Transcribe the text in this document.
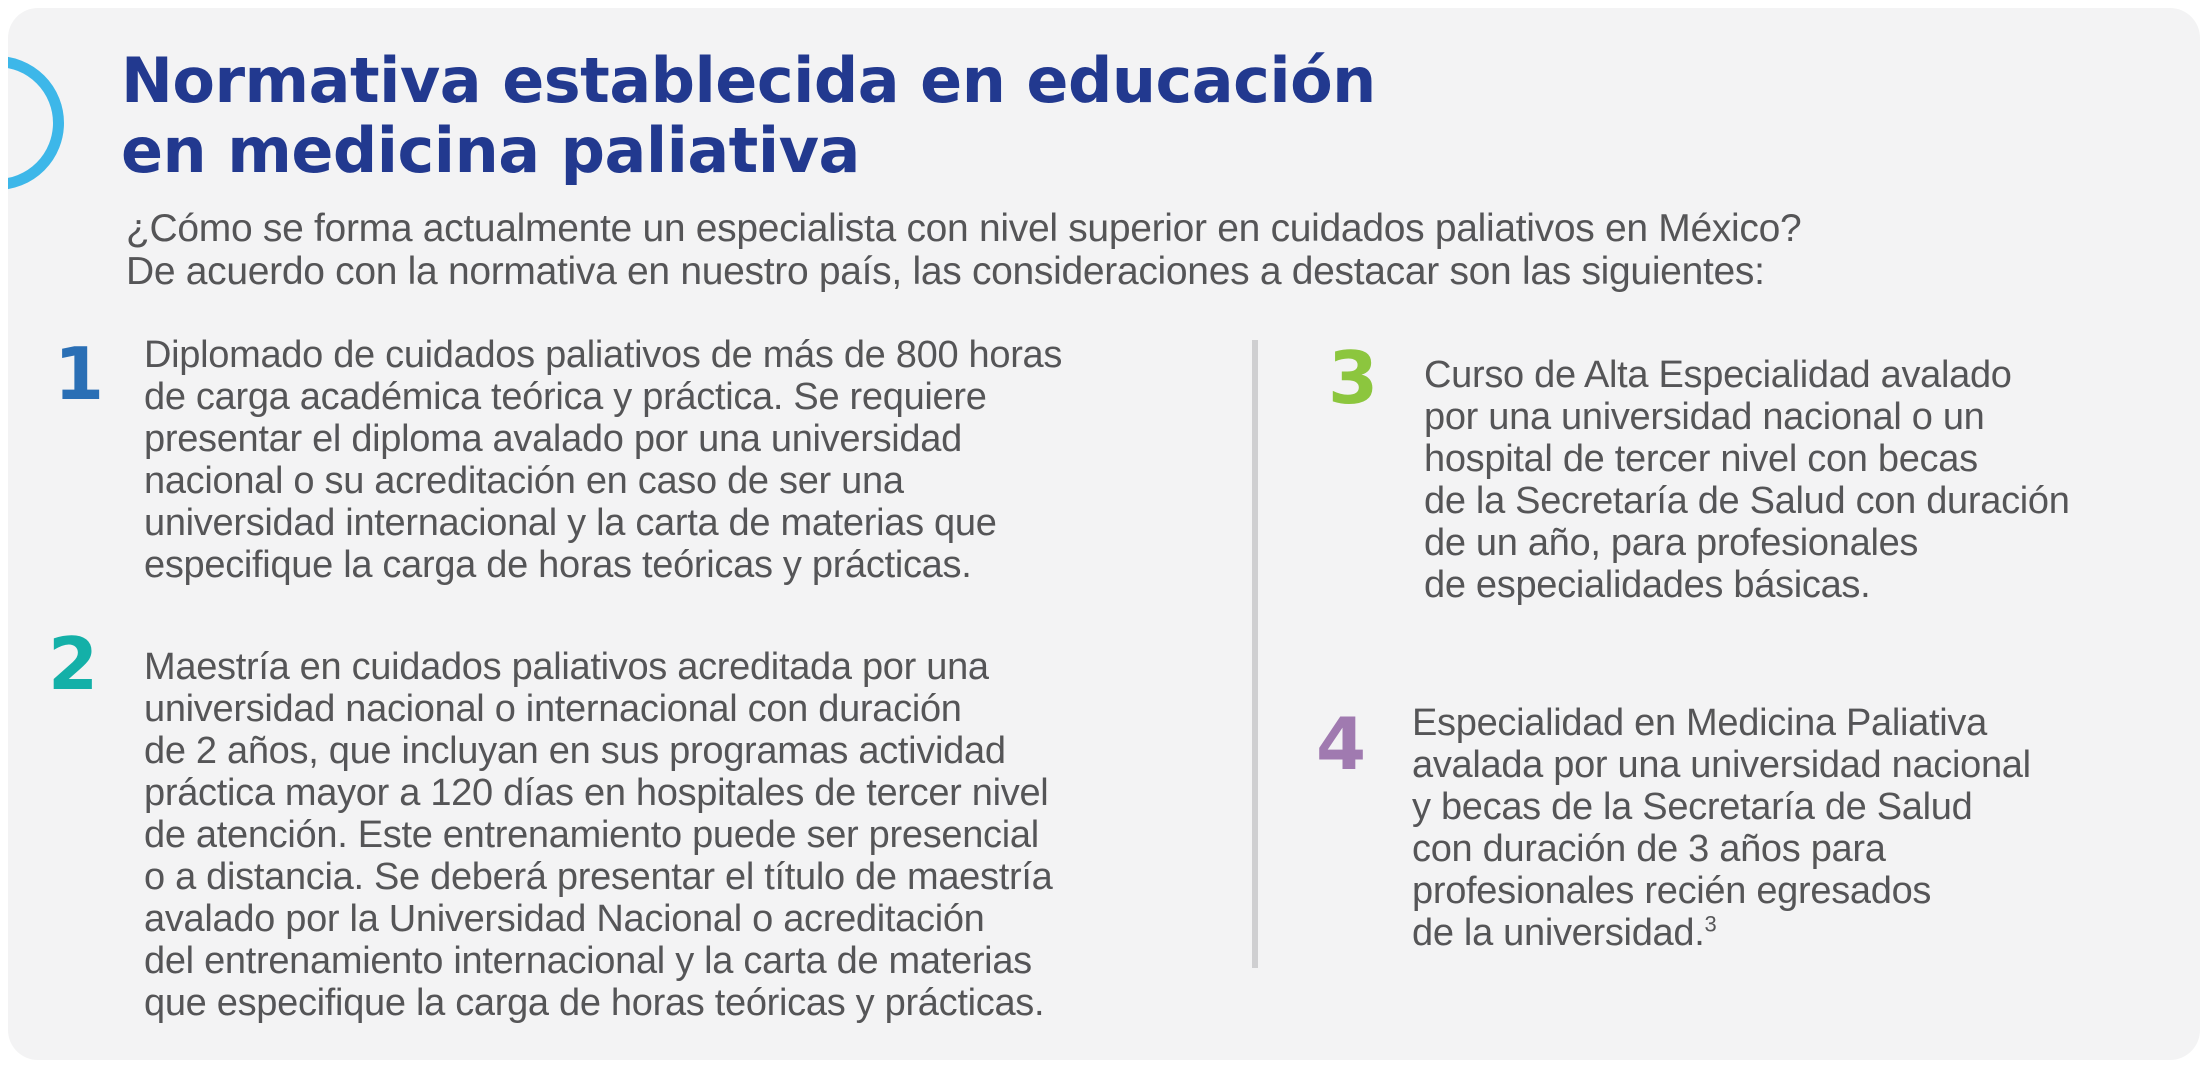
Normativa establecida en educación
en medicina paliativa
¿Cómo se forma actualmente un especialista con nivel superior en cuidados paliativos en México?
De acuerdo con la normativa en nuestro país, las consideraciones a destacar son las siguientes:
1 Diplomado de cuidados paliativos de más de 800 horas
de carga académica teórica y práctica. Se requiere
presentar el diploma avalado por una universidad
nacional o su acreditación en caso de ser una
universidad internacional y la carta de materias que
especifique la carga de horas teóricas y prácticas.
2 Maestría en cuidados paliativos acreditada por una
universidad nacional o internacional con duración
de 2 años, que incluyan en sus programas actividad
práctica mayor a 120 días en hospitales de tercer nivel
de atención. Este entrenamiento puede ser presencial
o a distancia. Se deberá presentar el título de maestría
avalado por la Universidad Nacional o acreditación
del entrenamiento internacional y la carta de materias
que especifique la carga de horas teóricas y prácticas.
3 Curso de Alta Especialidad avalado
por una universidad nacional o un
hospital de tercer nivel con becas
de la Secretaría de Salud con duración
de un año, para profesionales
de especialidades básicas.
4 Especialidad en Medicina Paliativa
avalada por una universidad nacional
y becas de la Secretaría de Salud
con duración de 3 años para
profesionales recién egresados
de la universidad.$^3$
